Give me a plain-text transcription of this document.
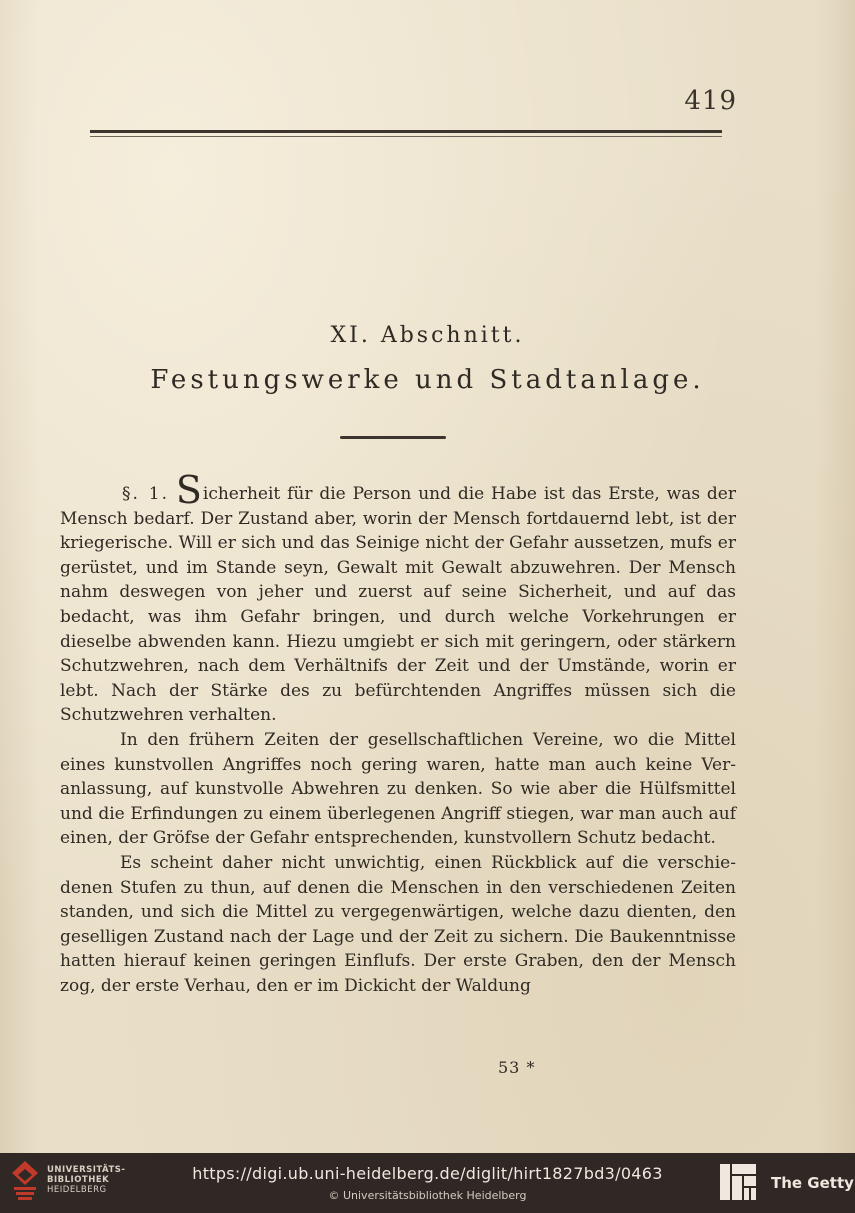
419
XI. Abschnitt.
Festungswerke und Stadtanlage.

§. 1. Sicherheit für die Person und die Habe ist das Erste, was der Mensch bedarf. Der Zustand aber, worin der Mensch fortdauernd lebt, ist der kriegerische. Will er sich und das Seinige nicht der Gefahr aussetzen, mufs er gerüstet, und im Stande seyn, Gewalt mit Gewalt abzuwehren. Der Mensch nahm deswegen von jeher und zuerst auf seine Sicherheit, und auf das bedacht, was ihm Gefahr bringen, und durch welche Vorkehrungen er dieselbe abwenden kann. Hiezu umgiebt er sich mit geringern, oder stärkern Schutzwehren, nach dem Verhältnifs der Zeit und der Umstände, worin er lebt. Nach der Stärke des zu befürchtenden Angriffes müssen sich die Schutzwehren verhalten.

In den frühern Zeiten der gesellschaftlichen Vereine, wo die Mittel eines kunstvollen Angriffes noch gering waren, hatte man auch keine Veranlassung, auf kunstvolle Abwehren zu denken. So wie aber die Hülfsmittel und die Erfindungen zu einem überlegenen Angriff stiegen, war man auch auf einen, der Gröfse der Gefahr entsprechenden, kunstvollern Schutz bedacht.

Es scheint daher nicht unwichtig, einen Rückblick auf die verschiedenen Stufen zu thun, auf denen die Menschen in den verschiedenen Zeiten standen, und sich die Mittel zu vergegenwärtigen, welche dazu dienten, den geselligen Zustand nach der Lage und der Zeit zu sichern. Die Baukenntnisse hatten hierauf keinen geringen Einflufs. Der erste Graben, den der Mensch zog, der erste Verhau, den er im Dickicht der Waldung

53 *
UNIVERSITÄTS-
BIBLIOTHEK
HEIDELBERG
https://digi.ub.uni-heidelberg.de/diglit/hirt1827bd3/0463
© Universitätsbibliothek Heidelberg
The Getty
